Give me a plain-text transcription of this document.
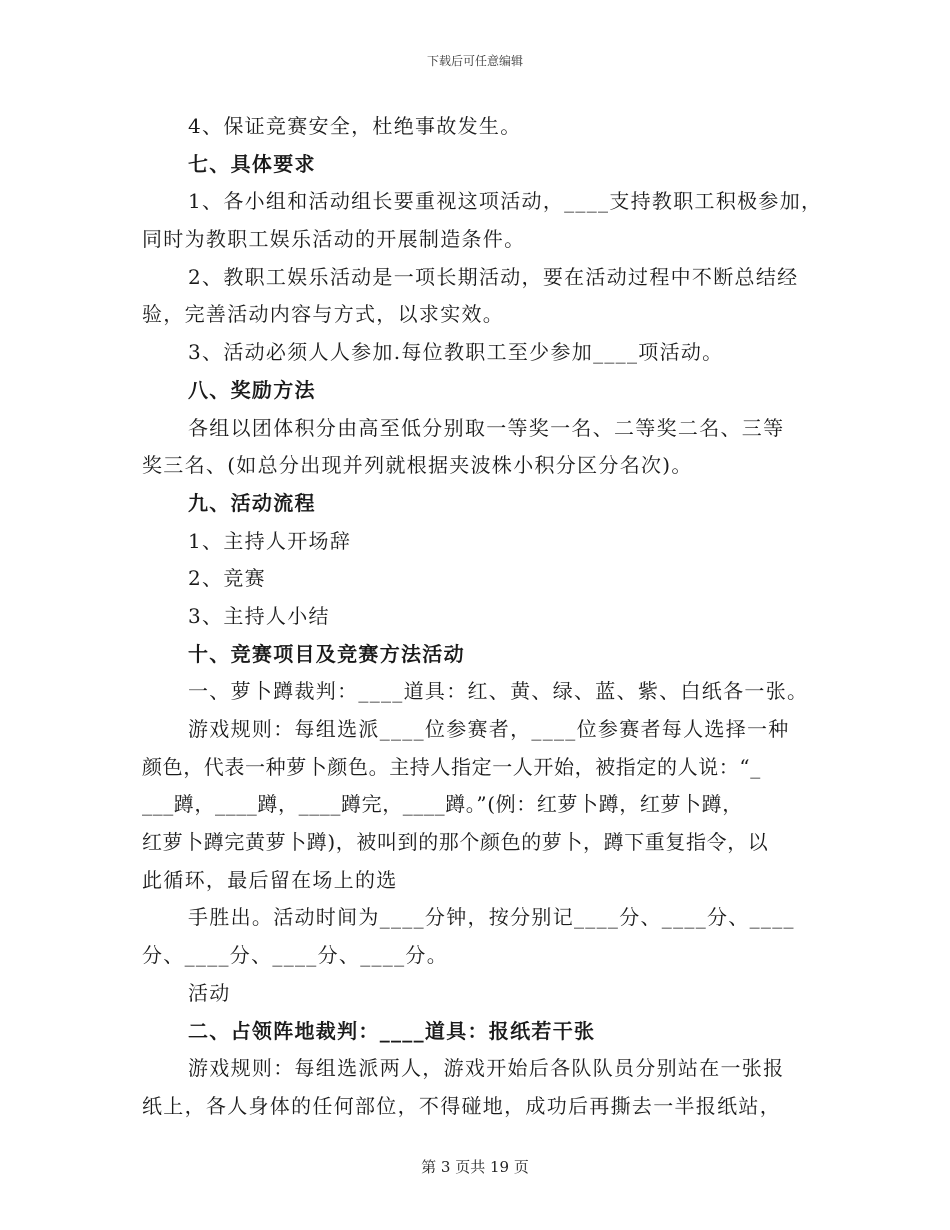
下载后可任意编辑
4、保证竞赛安全，杜绝事故发生。
七、具体要求
1、各小组和活动组长要重视这项活动，____支持教职工积极参加，
同时为教职工娱乐活动的开展制造条件。
2、教职工娱乐活动是一项长期活动，要在活动过程中不断总结经
验，完善活动内容与方式，以求实效。
3、活动必须人人参加.每位教职工至少参加____项活动。
八、奖励方法
各组以团体积分由高至低分别取一等奖一名、二等奖二名、三等
奖三名、(如总分出现并列就根据夹波株小积分区分名次)。
九、活动流程
1、主持人开场辞
2、竞赛
3、主持人小结
十、竞赛项目及竞赛方法活动
一、萝卜蹲裁判：____道具：红、黄、绿、蓝、紫、白纸各一张。
游戏规则：每组选派____位参赛者，____位参赛者每人选择一种
颜色，代表一种萝卜颜色。主持人指定一人开始，被指定的人说：“_
___蹲，____蹲，____蹲完，____蹲。”(例：红萝卜蹲，红萝卜蹲，
红萝卜蹲完黄萝卜蹲)，被叫到的那个颜色的萝卜，蹲下重复指令，以
此循环，最后留在场上的选
手胜出。活动时间为____分钟，按分别记____分、____分、____
分、____分、____分、____分。
活动
二、占领阵地裁判：____道具：报纸若干张
游戏规则：每组选派两人，游戏开始后各队队员分别站在一张报
纸上，各人身体的任何部位，不得碰地，成功后再撕去一半报纸站，
第 3 页共 19 页
